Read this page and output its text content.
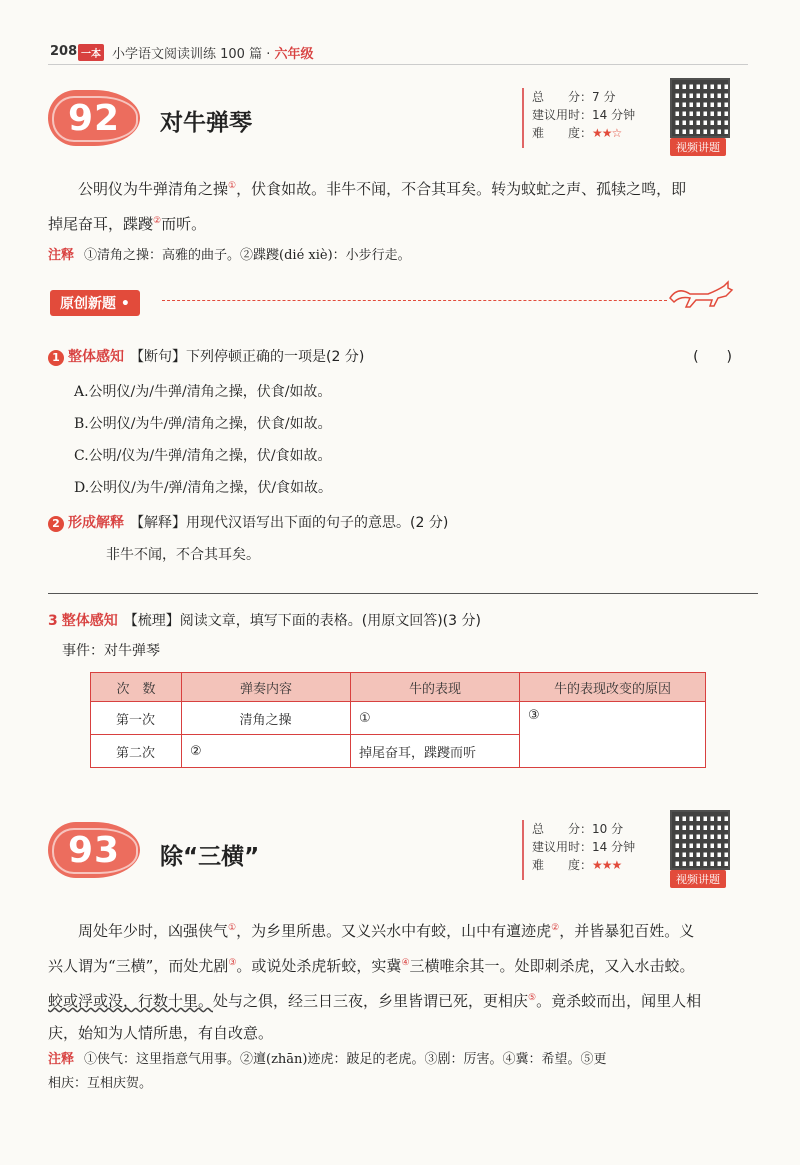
208 一本 小学语文阅读训练 100 篇 · 六年级
92 对牛弹琴
总　　分：7 分
建议用时：14 分钟
难　　度：★★☆
视频讲题
公明仪为牛弹清角之操①，伏食如故。非牛不闻，不合其耳矣。转为蚊虻之声、孤犊之鸣，即
掉尾奋耳，蹀躞②而听。
注释 ①清角之操：高雅的曲子。②蹀躞(dié xiè)：小步行走。
原创新题 •
1 整体感知 【断句】下列停顿正确的一项是(2 分)	(　　)
A.公明仪/为/牛弹/清角之操，伏食/如故。
B.公明仪/为牛/弹/清角之操，伏食/如故。
C.公明/仪为/牛弹/清角之操，伏/食如故。
D.公明仪/为牛/弹/清角之操，伏/食如故。
2 形成解释 【解释】用现代汉语写出下面的句子的意思。(2 分)
非牛不闻，不合其耳矣。
3 整体感知 【梳理】阅读文章，填写下面的表格。(用原文回答)(3 分)
事件：对牛弹琴
次　数	弹奏内容	牛的表现	牛的表现改变的原因
第一次	清角之操	①	③
第二次	②	掉尾奋耳，蹀躞而听	
93 除“三横”
总　　分：10 分
建议用时：14 分钟
难　　度：★★★
视频讲题
周处年少时，凶强侠气①，为乡里所患。又义兴水中有蛟，山中有邅迹虎②，并皆暴犯百姓。义
兴人谓为“三横”，而处尤剧③。或说处杀虎斩蛟，实冀④三横唯余其一。处即刺杀虎，又入水击蛟。
蛟或浮或没，行数十里。处与之俱，经三日三夜，乡里皆谓已死，更相庆⑤。竟杀蛟而出，闻里人相
庆，始知为人情所患，有自改意。
注释 ①侠气：这里指意气用事。②邅(zhān)迹虎：跛足的老虎。③剧：厉害。④冀：希望。⑤更
相庆：互相庆贺。
